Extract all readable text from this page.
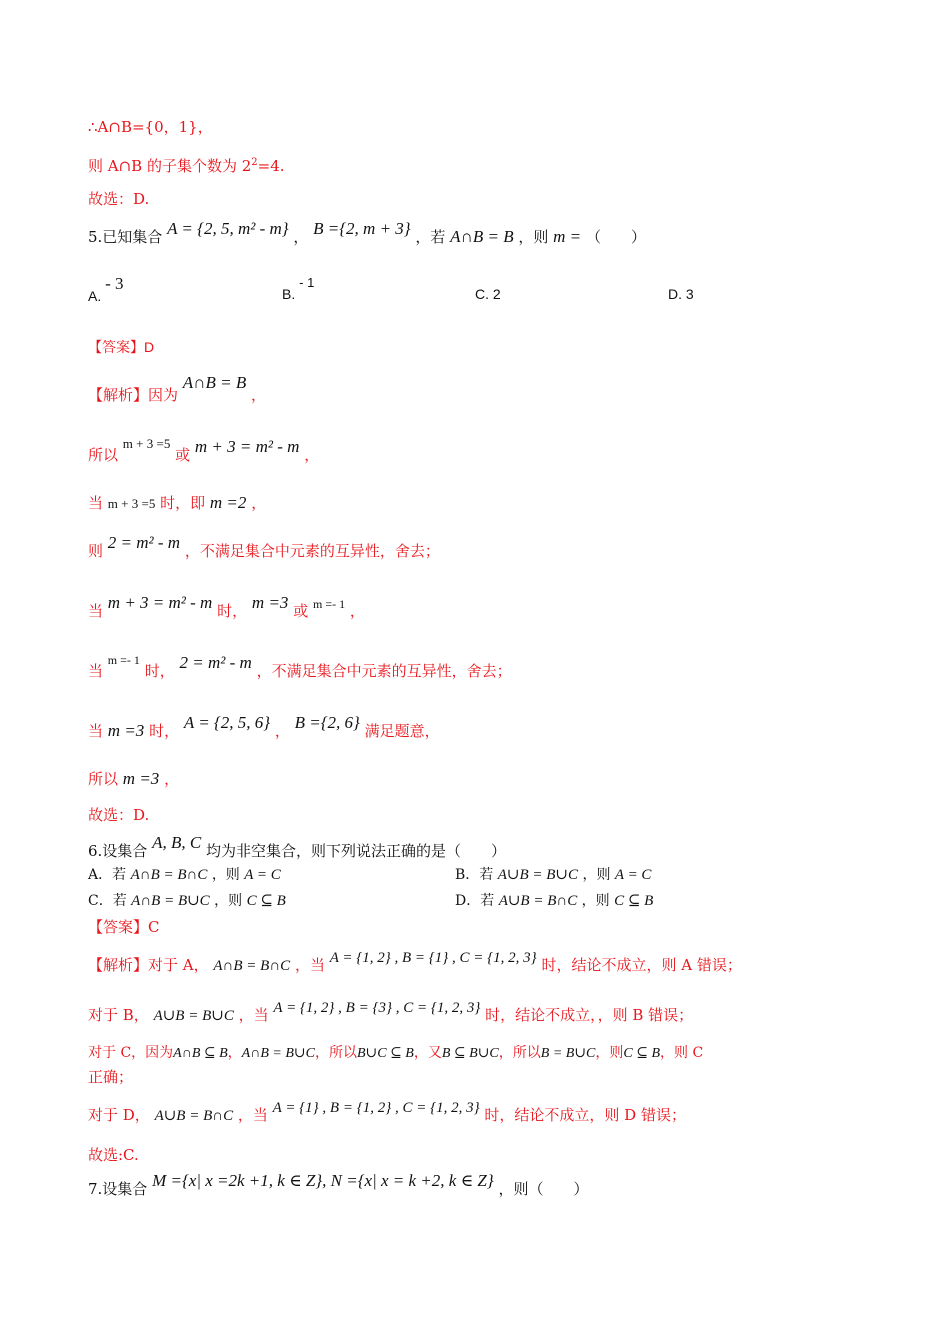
∴A∩B={0，1}，
则 A∩B 的子集个数为 $2^2=4$.
故选：D.
5.已知集合 A = {2, 5, m² - m} ， B ={2, m + 3} ，若 A∩B = B ，则 m = （　　）
A. - 3
B. - 1
C. 2	D. 3
【答案】D
【解析】因为 A∩B = B ，
所以 m + 3 =5 或 m + 3 = m² - m ，
当 m + 3 =5 时，即 m =2 ，
则 2 = m² - m ，不满足集合中元素的互异性，舍去；
当 m + 3 = m² - m 时， m =3 或 $^{m =- 1}$ ，
当 $^{m =- 1}$ 时， 2 = m² - m ，不满足集合中元素的互异性，舍去；
当 m =3 时， A = {2, 5, 6} ， B ={2, 6} 满足题意，
所以 m =3 ，
故选：D.
6.设集合 A, B, C 均为非空集合，则下列说法正确的是（　　）
A．若 A∩B = B∩C ，则 A = C	B．若 A∪B = B∪C ，则 A = C
C．若 A∩B = B∪C ，则 C ⊆ B	D．若 A∪B = B∩C ，则 C ⊆ B
【答案】C
【解析】对于 A， A∩B = B∩C ，当 A = {1, 2} , B = {1} , C = {1, 2, 3} 时，结论不成立，则 A 错误；
对于 B， A∪B = B∪C ，当 A = {1, 2} , B = {3} , C = {1, 2, 3} 时，结论不成立，，则 B 错误；
对于 C，因为A∩B ⊆ B，A∩B = B∪C，所以B∪C ⊆ B，又B ⊆ B∪C，所以B = B∪C，则C ⊆ B，则 C
正确；
对于 D， A∪B = B∩C ，当 A = {1} , B = {1, 2} , C = {1, 2, 3} 时，结论不成立，则 D 错误；
故选:C.
7.设集合 M ={x| x =2k +1, k ∈ Z}, N ={x| x = k +2, k ∈ Z} ，则（　　）
